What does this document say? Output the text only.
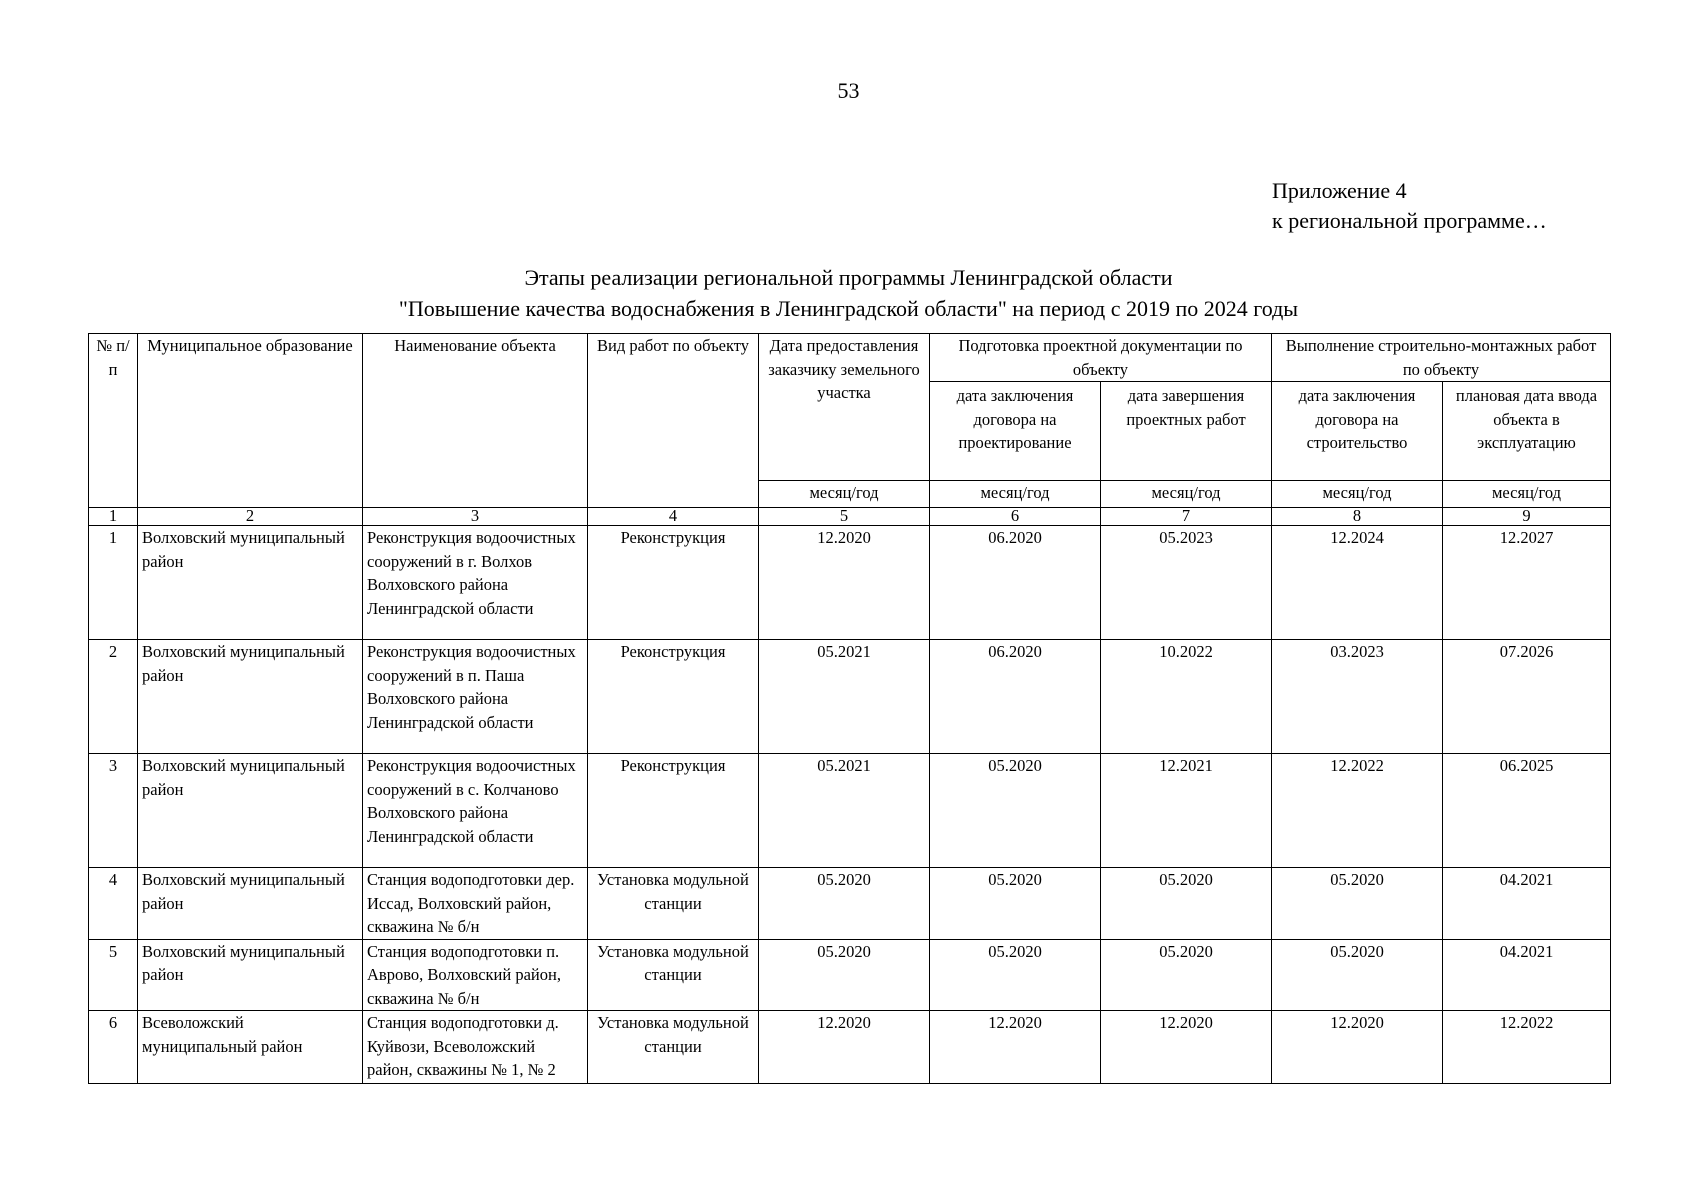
53
Приложение 4
к региональной программе…
Этапы реализации региональной программы Ленинградской области
"Повышение качества водоснабжения в Ленинградской области" на период с 2019 по 2024 годы
№ п/п	Муниципальное образование	Наименование объекта	Вид работ по объекту	Дата предоставления заказчику земельного участка	Подготовка проектной документации по объекту		Выполнение строительно-монтажных работ по объекту	
					дата заключения договора на проектирование	дата завершения проектных работ	дата заключения договора на строительство	плановая дата ввода объекта в эксплуатацию
				месяц/год	месяц/год	месяц/год	месяц/год	месяц/год
1	2	3	4	5	6	7	8	9
1	Волховский муниципальный район	Реконструкция водоочистных сооружений в г. Волхов Волховского района Ленинградской области	Реконструкция	12.2020	06.2020	05.2023	12.2024	12.2027
2	Волховский муниципальный район	Реконструкция водоочистных сооружений в п. Паша Волховского района Ленинградской области	Реконструкция	05.2021	06.2020	10.2022	03.2023	07.2026
3	Волховский муниципальный район	Реконструкция водоочистных сооружений в с. Колчаново Волховского района Ленинградской области	Реконструкция	05.2021	05.2020	12.2021	12.2022	06.2025
4	Волховский муниципальный район	Станция водоподготовки дер. Иссад, Волховский район, скважина № б/н	Установка модульной станции	05.2020	05.2020	05.2020	05.2020	04.2021
5	Волховский муниципальный район	Станция водоподготовки п. Аврово, Волховский район, скважина № б/н	Установка модульной станции	05.2020	05.2020	05.2020	05.2020	04.2021
6	Всеволожский муниципальный район	Станция водоподготовки д. Куйвози, Всеволожский район, скважины № 1, № 2	Установка модульной станции	12.2020	12.2020	12.2020	12.2020	12.2022
